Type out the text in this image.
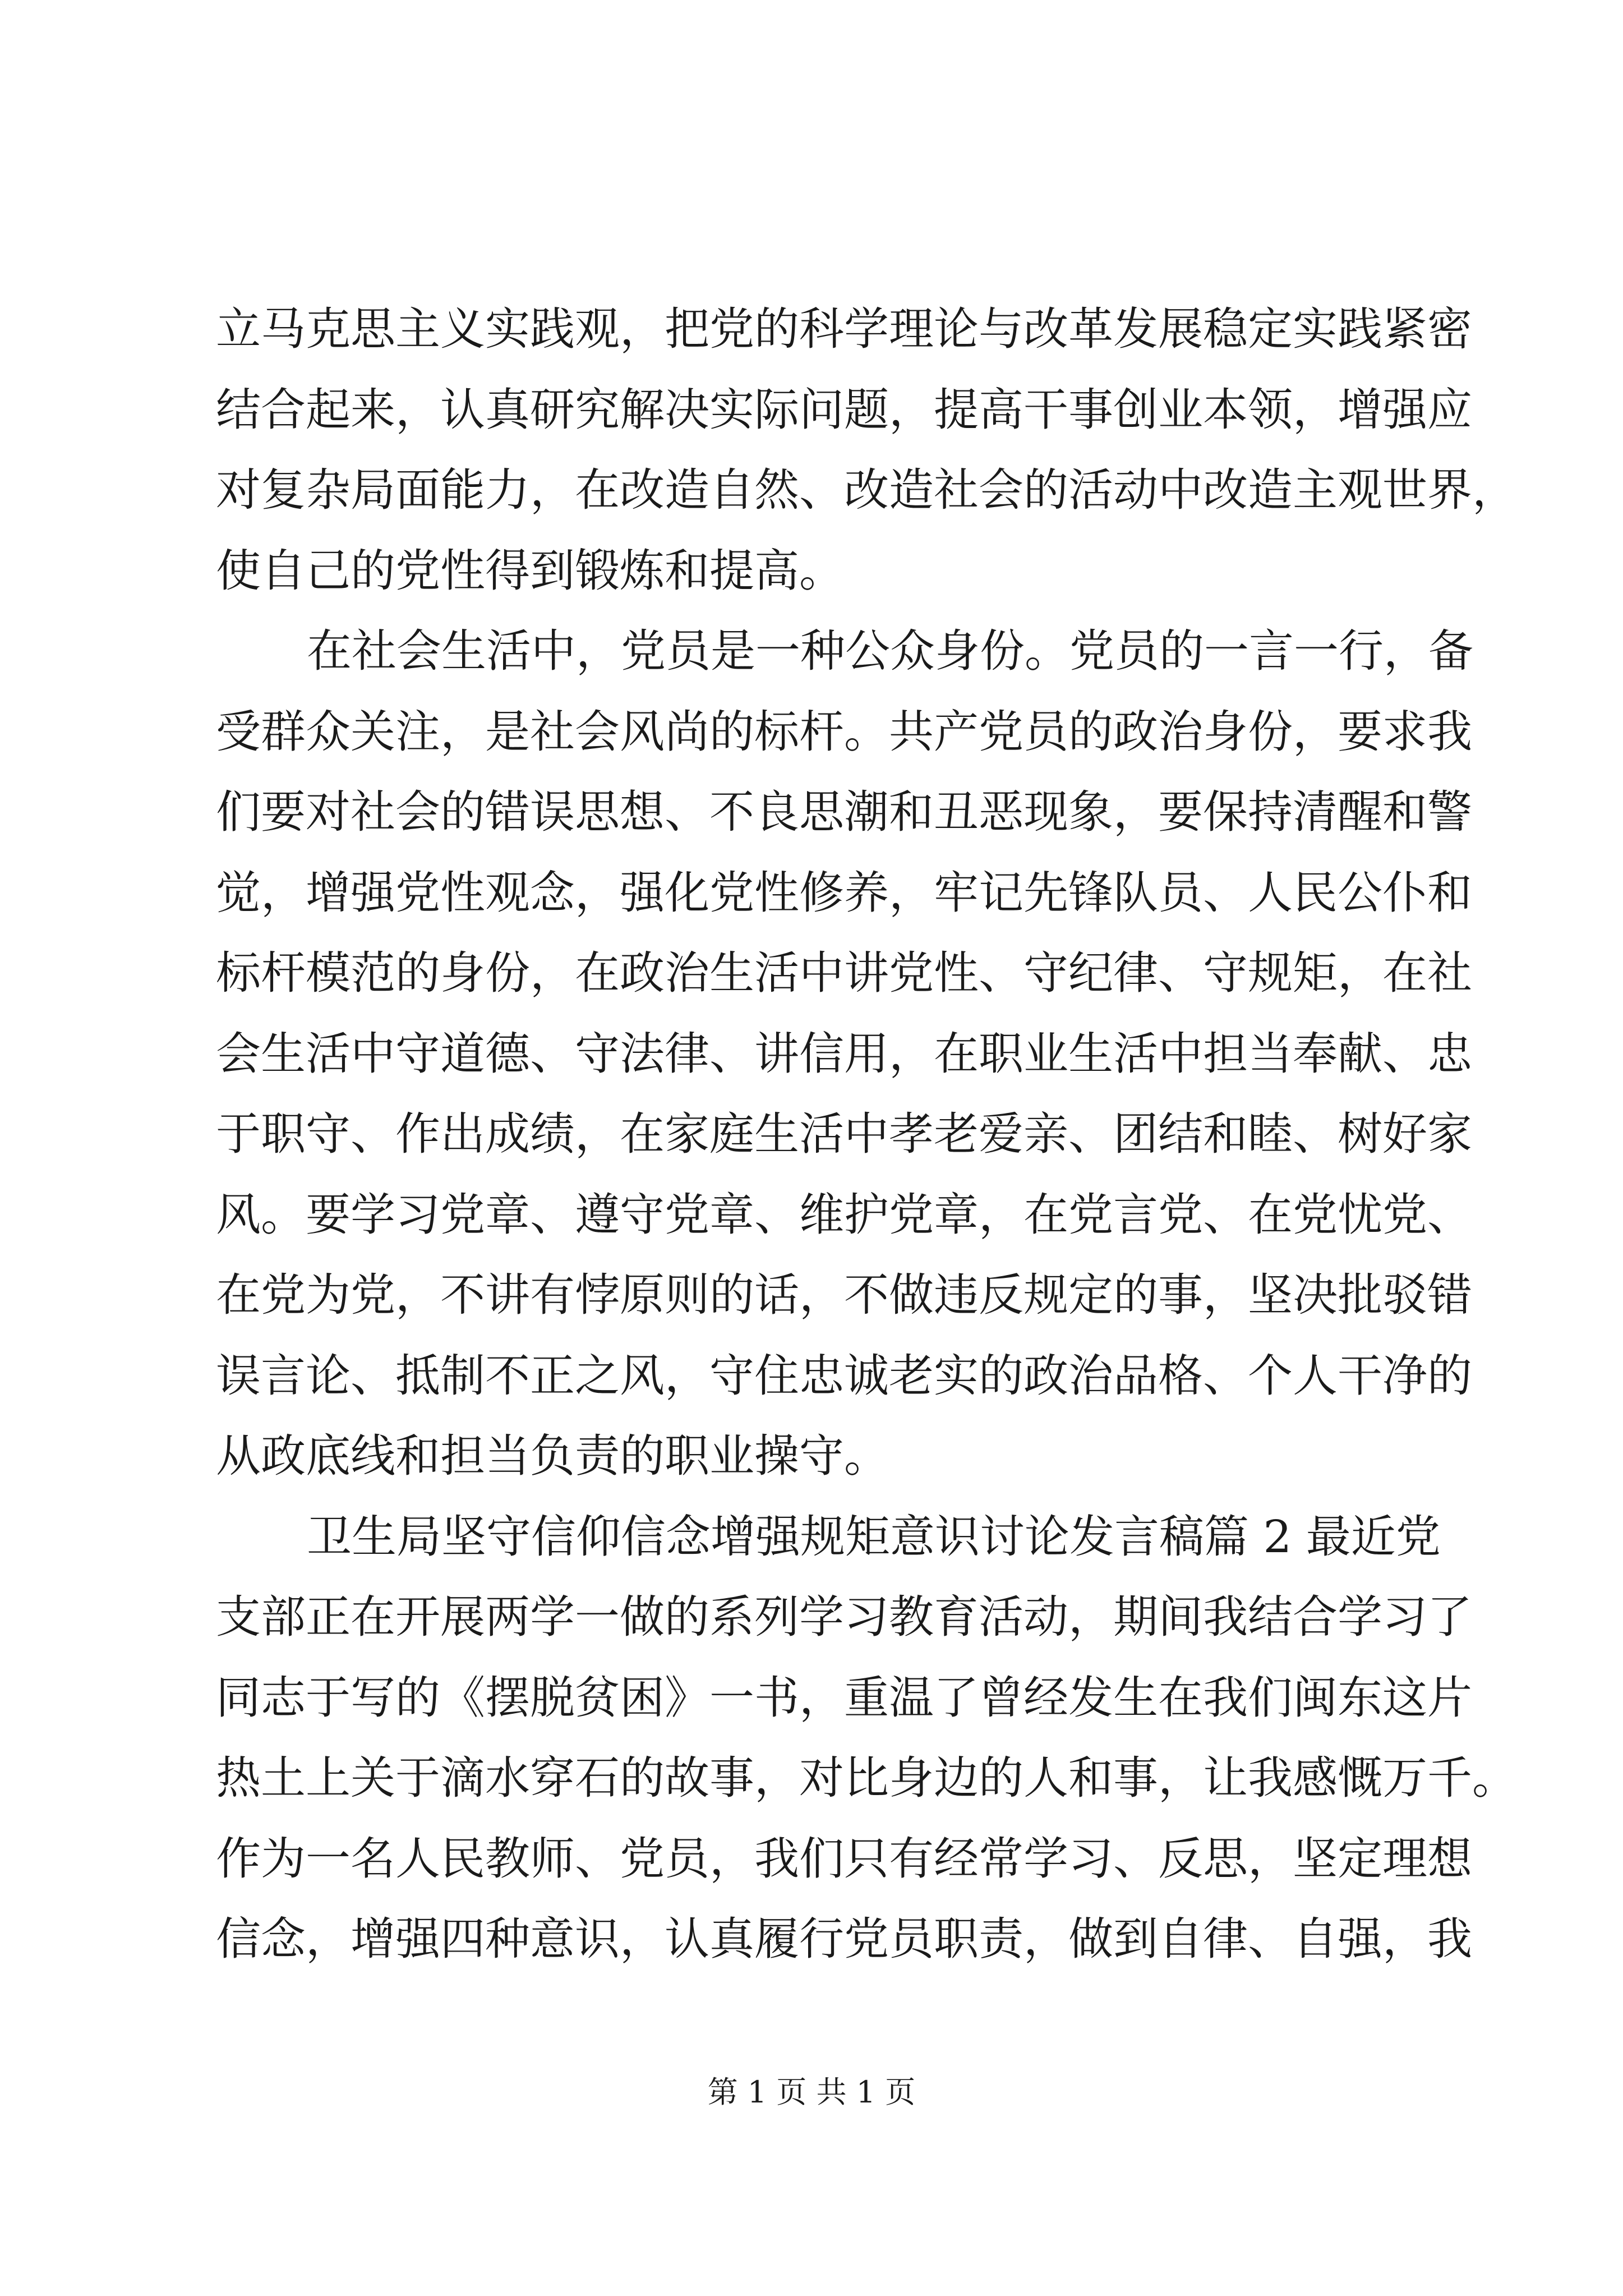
立马克思主义实践观，把党的科学理论与改革发展稳定实践紧密
结合起来，认真研究解决实际问题，提高干事创业本领，增强应
对复杂局面能力，在改造自然、改造社会的活动中改造主观世界，
使自己的党性得到锻炼和提高。
在社会生活中，党员是一种公众身份。党员的一言一行，备
受群众关注，是社会风尚的标杆。共产党员的政治身份，要求我
们要对社会的错误思想、不良思潮和丑恶现象，要保持清醒和警
觉，增强党性观念，强化党性修养，牢记先锋队员、人民公仆和
标杆模范的身份，在政治生活中讲党性、守纪律、守规矩，在社
会生活中守道德、守法律、讲信用，在职业生活中担当奉献、忠
于职守、作出成绩，在家庭生活中孝老爱亲、团结和睦、树好家
风。要学习党章、遵守党章、维护党章，在党言党、在党忧党、
在党为党，不讲有悖原则的话，不做违反规定的事，坚决批驳错
误言论、抵制不正之风，守住忠诚老实的政治品格、个人干净的
从政底线和担当负责的职业操守。
卫生局坚守信仰信念增强规矩意识讨论发言稿篇 2 最近党
支部正在开展两学一做的系列学习教育活动，期间我结合学习了
同志于写的《摆脱贫困》一书，重温了曾经发生在我们闽东这片
热土上关于滴水穿石的故事，对比身边的人和事，让我感慨万千。
作为一名人民教师、党员，我们只有经常学习、反思，坚定理想
信念，增强四种意识，认真履行党员职责，做到自律、自强，我
第 1 页 共 1 页
